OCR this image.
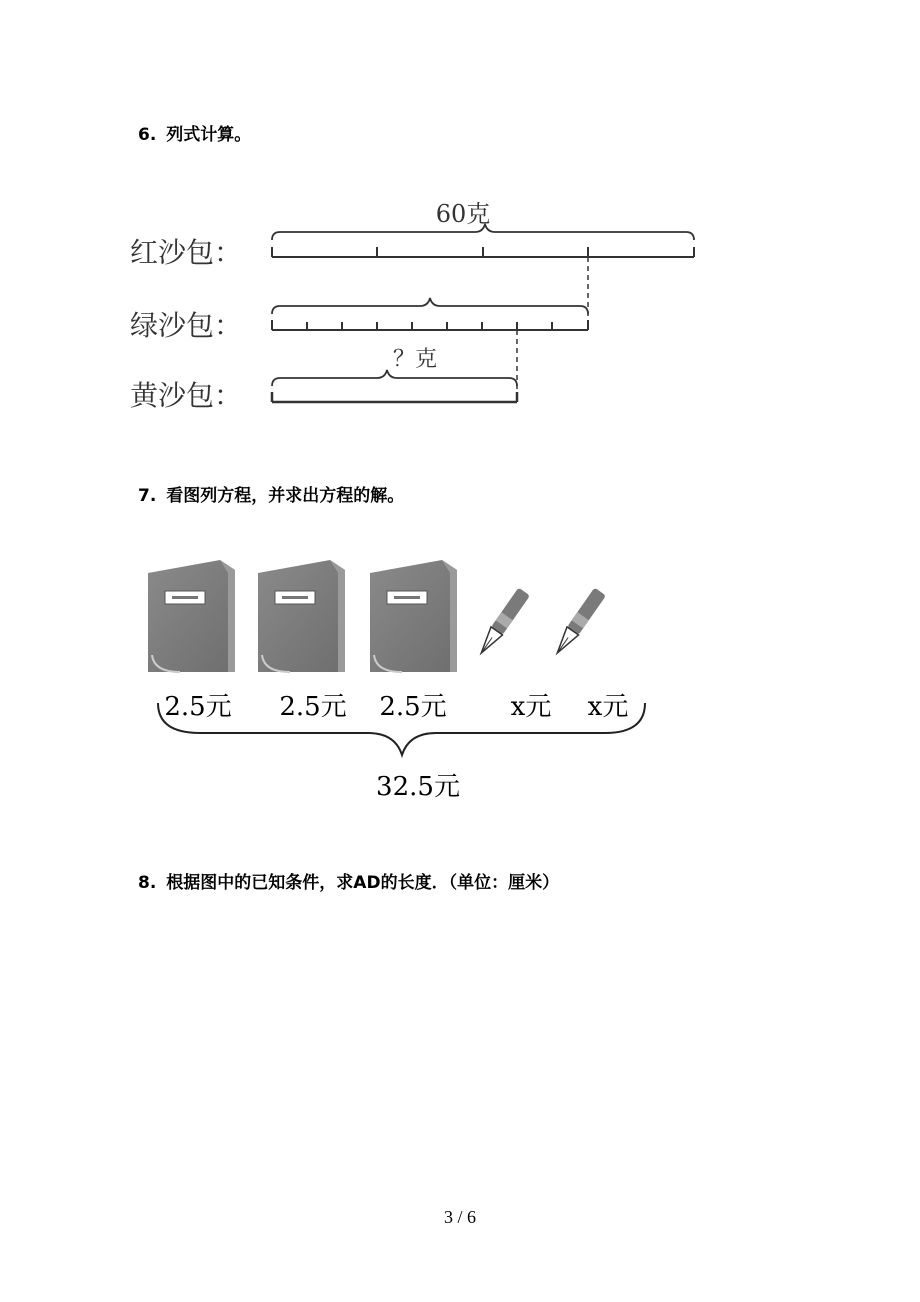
6. 列式计算。
60克
红沙包：
绿沙包：
黄沙包：
？克
7. 看图列方程，并求出方程的解。
2.5元 2.5元 2.5元 x元 x元
32.5元
8. 根据图中的已知条件，求AD的长度．（单位：厘米）
3 / 6
